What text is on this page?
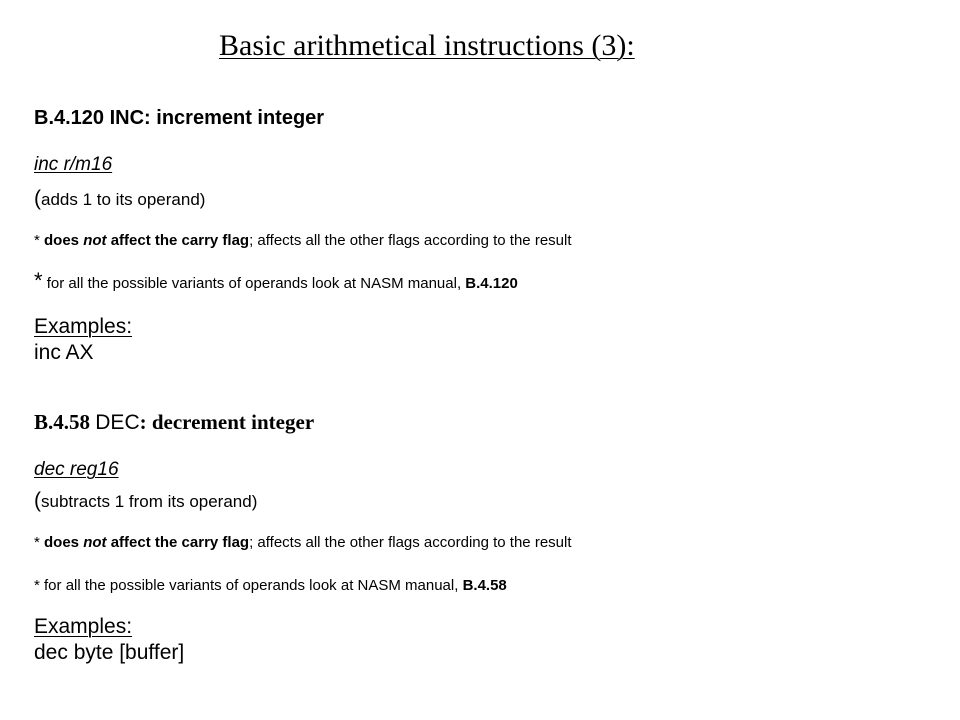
Basic arithmetical instructions (3):
B.4.120 INC: increment integer
inc r/m16
(adds 1 to its operand)
* does not affect the carry flag; affects all the other flags according to the result
* for all the possible variants of operands look at NASM manual, B.4.120
Examples:
inc AX
B.4.58 DEC: decrement integer
dec reg16
(subtracts 1 from its operand)
* does not affect the carry flag; affects all the other flags according to the result
* for all the possible variants of operands look at NASM manual, B.4.58
Examples:
dec byte [buffer]
